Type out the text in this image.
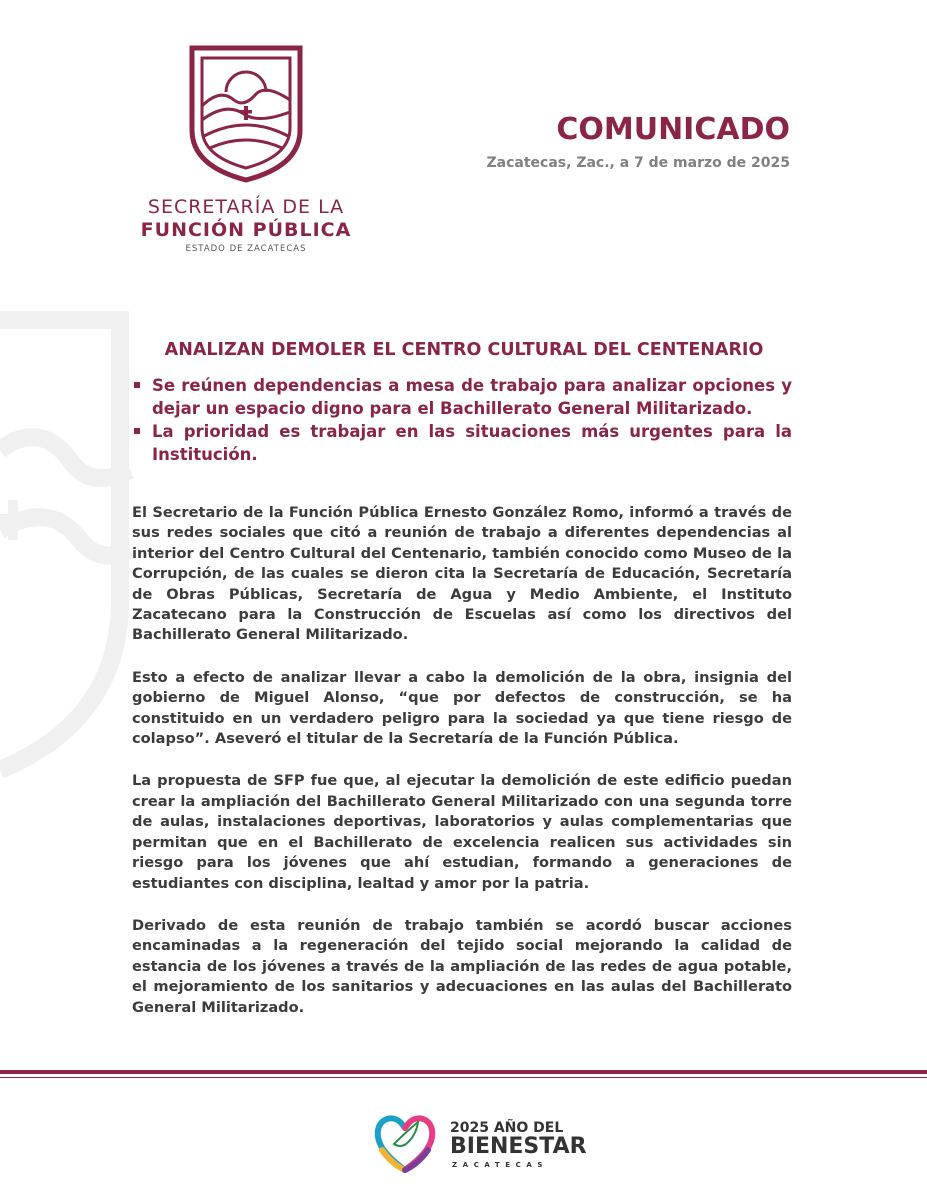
SECRETARÍA DE LA
FUNCIÓN PÚBLICA
ESTADO DE ZACATECAS
COMUNICADO
Zacatecas, Zac., a 7 de marzo de 2025
ANALIZAN DEMOLER EL CENTRO CULTURAL DEL CENTENARIO
Se reúnen dependencias a mesa de trabajo para analizar opciones y dejar un espacio digno para el Bachillerato General Militarizado.
La prioridad es trabajar en las situaciones más urgentes para la Institución.

El Secretario de la Función Pública Ernesto González Romo, informó a través de sus redes sociales que citó a reunión de trabajo a diferentes dependencias al interior del Centro Cultural del Centenario, también conocido como Museo de la Corrupción, de las cuales se dieron cita la Secretaría de Educación, Secretaría de Obras Públicas, Secretaría de Agua y Medio Ambiente, el Instituto Zacatecano para la Construcción de Escuelas así como los directivos del Bachillerato General Militarizado.

Esto a efecto de analizar llevar a cabo la demolición de la obra, insignia del gobierno de Miguel Alonso, “que por defectos de construcción, se ha constituido en un verdadero peligro para la sociedad ya que tiene riesgo de colapso”. Aseveró el titular de la Secretaría de la Función Pública.

La propuesta de SFP fue que, al ejecutar la demolición de este edificio puedan crear la ampliación del Bachillerato General Militarizado con una segunda torre de aulas, instalaciones deportivas, laboratorios y aulas complementarias que permitan que en el Bachillerato de excelencia realicen sus actividades sin riesgo para los jóvenes que ahí estudian, formando a generaciones de estudiantes con disciplina, lealtad y amor por la patria.

Derivado de esta reunión de trabajo también se acordó buscar acciones encaminadas a la regeneración del tejido social mejorando la calidad de estancia de los jóvenes a través de la ampliación de las redes de agua potable, el mejoramiento de los sanitarios y adecuaciones en las aulas del Bachillerato General Militarizado.

2025 AÑO DEL
BIENESTAR
ZACATECAS
